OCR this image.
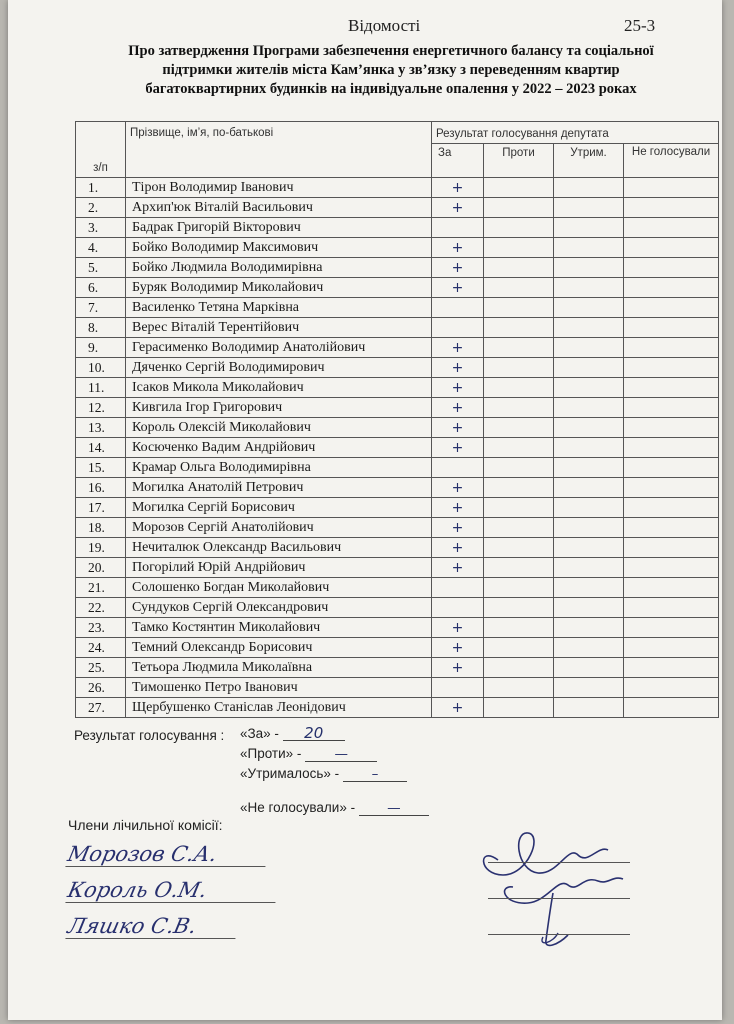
Відомості	25-3
Про затвердження Програми забезпечення енергетичного балансу та соціальної підтримки жителів міста Кам’янка у зв’язку з переведенням квартир багатоквартирних будинків на індивідуальне опалення у 2022 – 2023 роках
з/п	Прізвище, ім’я, по-батькові	Результат голосування депутата			
		За	Проти	Утрим.	Не голосували

1.	Тірон Володимир Іванович	+			
2.	Архип'юк Віталій Васильович	+			
3.	Бадрак Григорій Вікторович				
4.	Бойко Володимир Максимович	+			
5.	Бойко Людмила Володимирівна	+			
6.	Буряк Володимир Миколайович	+			
7.	Василенко Тетяна Марківна				
8.	Верес Віталій Терентійович				
9.	Герасименко Володимир Анатолійович	+			
10.	Дяченко Сергій Володимирович	+			
11.	Ісаков Микола Миколайович	+			
12.	Кивгила Ігор Григорович	+			
13.	Король Олексій Миколайович	+			
14.	Косюченко Вадим Андрійович	+			
15.	Крамар Ольга Володимирівна				
16.	Могилка Анатолій Петрович	+			
17.	Могилка Сергій Борисович	+			
18.	Морозов Сергій Анатолійович	+			
19.	Нечиталюк Олександр Васильович	+			
20.	Погорілий Юрій Андрійович	+			
21.	Солошенко Богдан Миколайович				
22.	Сундуков Сергій Олександрович				
23.	Тамко Костянтин Миколайович	+			
24.	Темний Олександр Борисович	+			
25.	Тетьора Людмила Миколаївна	+			
26.	Тимошенко Петро Іванович				
27.	Щербушенко Станіслав Леонідович	+			
Результат голосування : «За» - 20
«Проти» - —
«Утрималось» - –
«Не голосували» - —
Члени лічильної комісії:
Морозов С.А.
Король О.М.
Ляшко С.В.
